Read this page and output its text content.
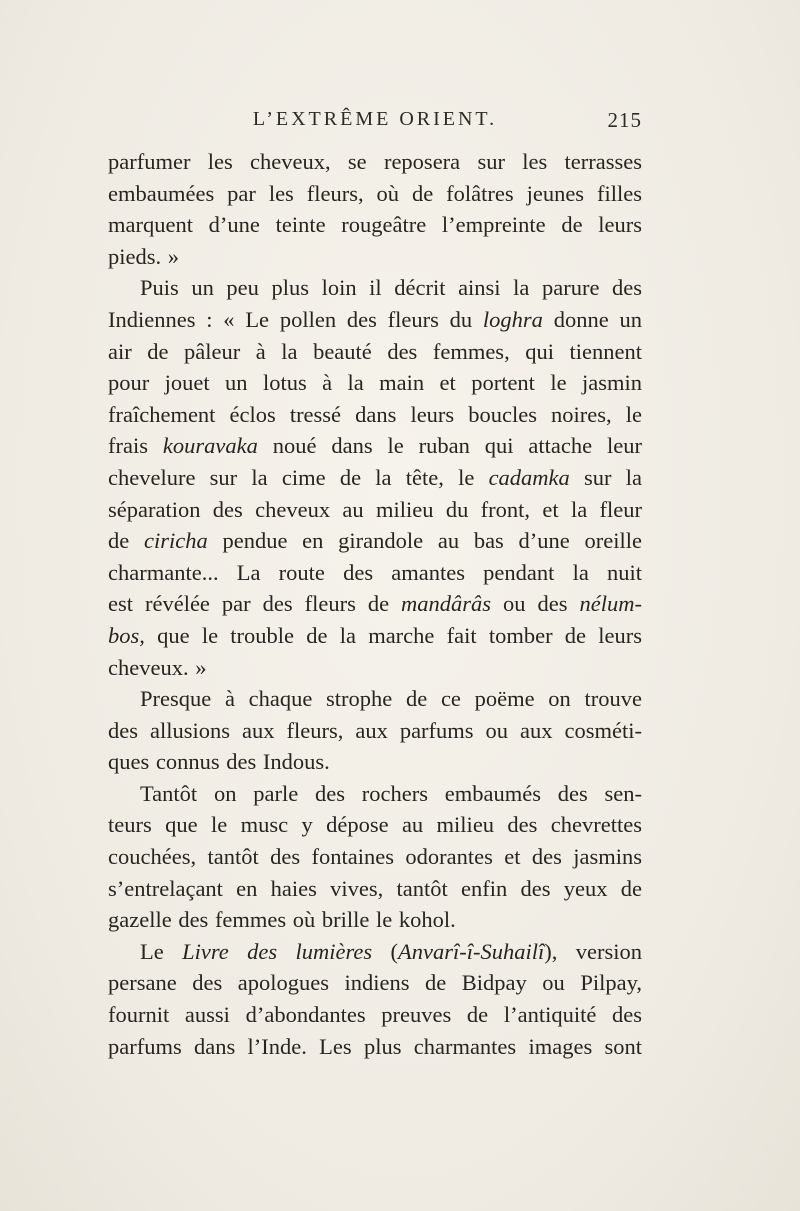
L’EXTRÊME ORIENT.	215
parfumer les cheveux, se reposera sur les terrasses
embaumées par les fleurs, où de folâtres jeunes filles
marquent d’une teinte rougeâtre l’empreinte de leurs
pieds. »
Puis un peu plus loin il décrit ainsi la parure des
Indiennes : « Le pollen des fleurs du loghra donne un
air de pâleur à la beauté des femmes, qui tiennent
pour jouet un lotus à la main et portent le jasmin
fraîchement éclos tressé dans leurs boucles noires, le
frais kouravaka noué dans le ruban qui attache leur
chevelure sur la cime de la tête, le cadamka sur la
séparation des cheveux au milieu du front, et la fleur
de ciricha pendue en girandole au bas d’une oreille
charmante... La route des amantes pendant la nuit
est révélée par des fleurs de mandârâs ou des nélum-
bos, que le trouble de la marche fait tomber de leurs
cheveux. »
Presque à chaque strophe de ce poëme on trouve
des allusions aux fleurs, aux parfums ou aux cosméti-
ques connus des Indous.
Tantôt on parle des rochers embaumés des sen-
teurs que le musc y dépose au milieu des chevrettes
couchées, tantôt des fontaines odorantes et des jasmins
s’entrelaçant en haies vives, tantôt enfin des yeux de
gazelle des femmes où brille le kohol.
Le Livre des lumières (Anvarî-î-Suhailî), version
persane des apologues indiens de Bidpay ou Pilpay,
fournit aussi d’abondantes preuves de l’antiquité des
parfums dans l’Inde. Les plus charmantes images sont
